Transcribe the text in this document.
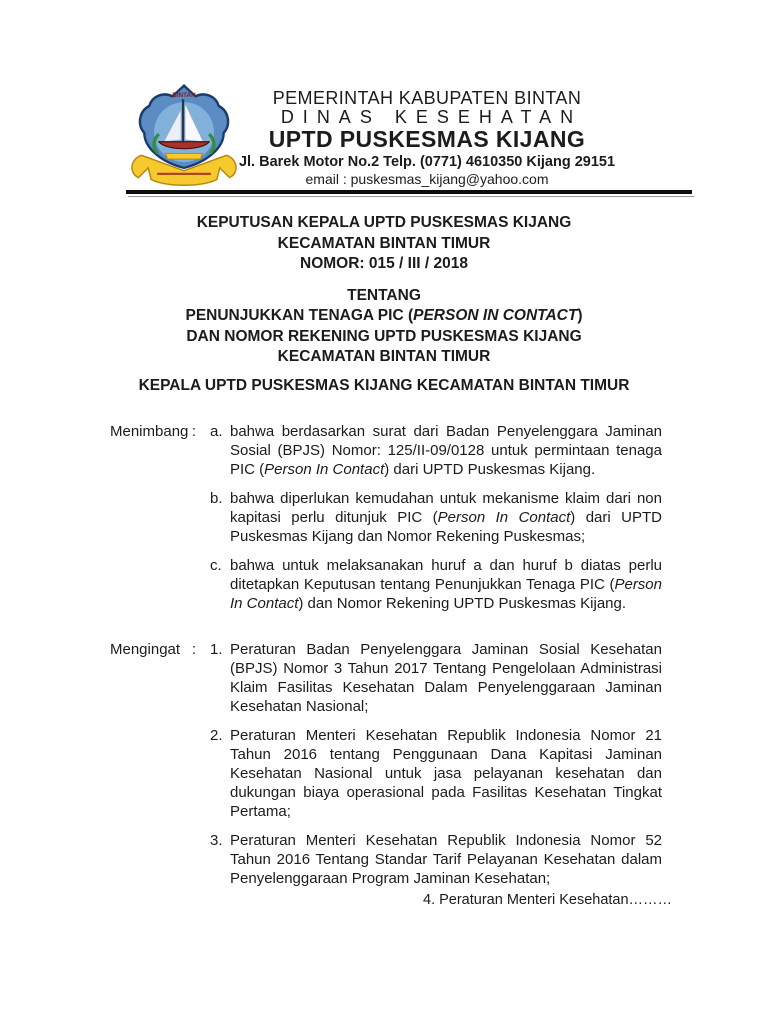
BINTAN	PEMERINTAH KABUPATEN BINTAN
DINAS KESEHATAN
UPTD PUSKESMAS KIJANG
Jl. Barek Motor No.2 Telp. (0771) 4610350 Kijang 29151
email : puskesmas_kijang@yahoo.com
KEPUTUSAN KEPALA UPTD PUSKESMAS KIJANG
KECAMATAN BINTAN TIMUR
NOMOR: 015 / III / 2018
TENTANG
PENUNJUKKAN TENAGA PIC (PERSON IN CONTACT)
DAN NOMOR REKENING UPTD PUSKESMAS KIJANG
KECAMATAN BINTAN TIMUR
KEPALA UPTD PUSKESMAS KIJANG KECAMATAN BINTAN TIMUR
Menimbang : a. bahwa berdasarkan surat dari Badan Penyelenggara Jaminan Sosial (BPJS) Nomor: 125/II-09/0128 untuk permintaan tenaga PIC (Person In Contact) dari UPTD Puskesmas Kijang.
b. bahwa diperlukan kemudahan untuk mekanisme klaim dari non kapitasi perlu ditunjuk PIC (Person In Contact) dari UPTD Puskesmas Kijang dan Nomor Rekening Puskesmas;
c. bahwa untuk melaksanakan huruf a dan huruf b diatas perlu ditetapkan Keputusan tentang Penunjukkan Tenaga PIC (Person In Contact) dan Nomor Rekening UPTD Puskesmas Kijang.
Mengingat : 1. Peraturan Badan Penyelenggara Jaminan Sosial Kesehatan (BPJS) Nomor 3 Tahun 2017 Tentang Pengelolaan Administrasi Klaim Fasilitas Kesehatan Dalam Penyelenggaraan Jaminan Kesehatan Nasional;
2. Peraturan Menteri Kesehatan Republik Indonesia Nomor 21 Tahun 2016 tentang Penggunaan Dana Kapitasi Jaminan Kesehatan Nasional untuk jasa pelayanan kesehatan dan dukungan biaya operasional pada Fasilitas Kesehatan Tingkat Pertama;
3. Peraturan Menteri Kesehatan Republik Indonesia Nomor 52 Tahun 2016 Tentang Standar Tarif Pelayanan Kesehatan dalam Penyelenggaraan Program Jaminan Kesehatan;
4. Peraturan Menteri Kesehatan………
